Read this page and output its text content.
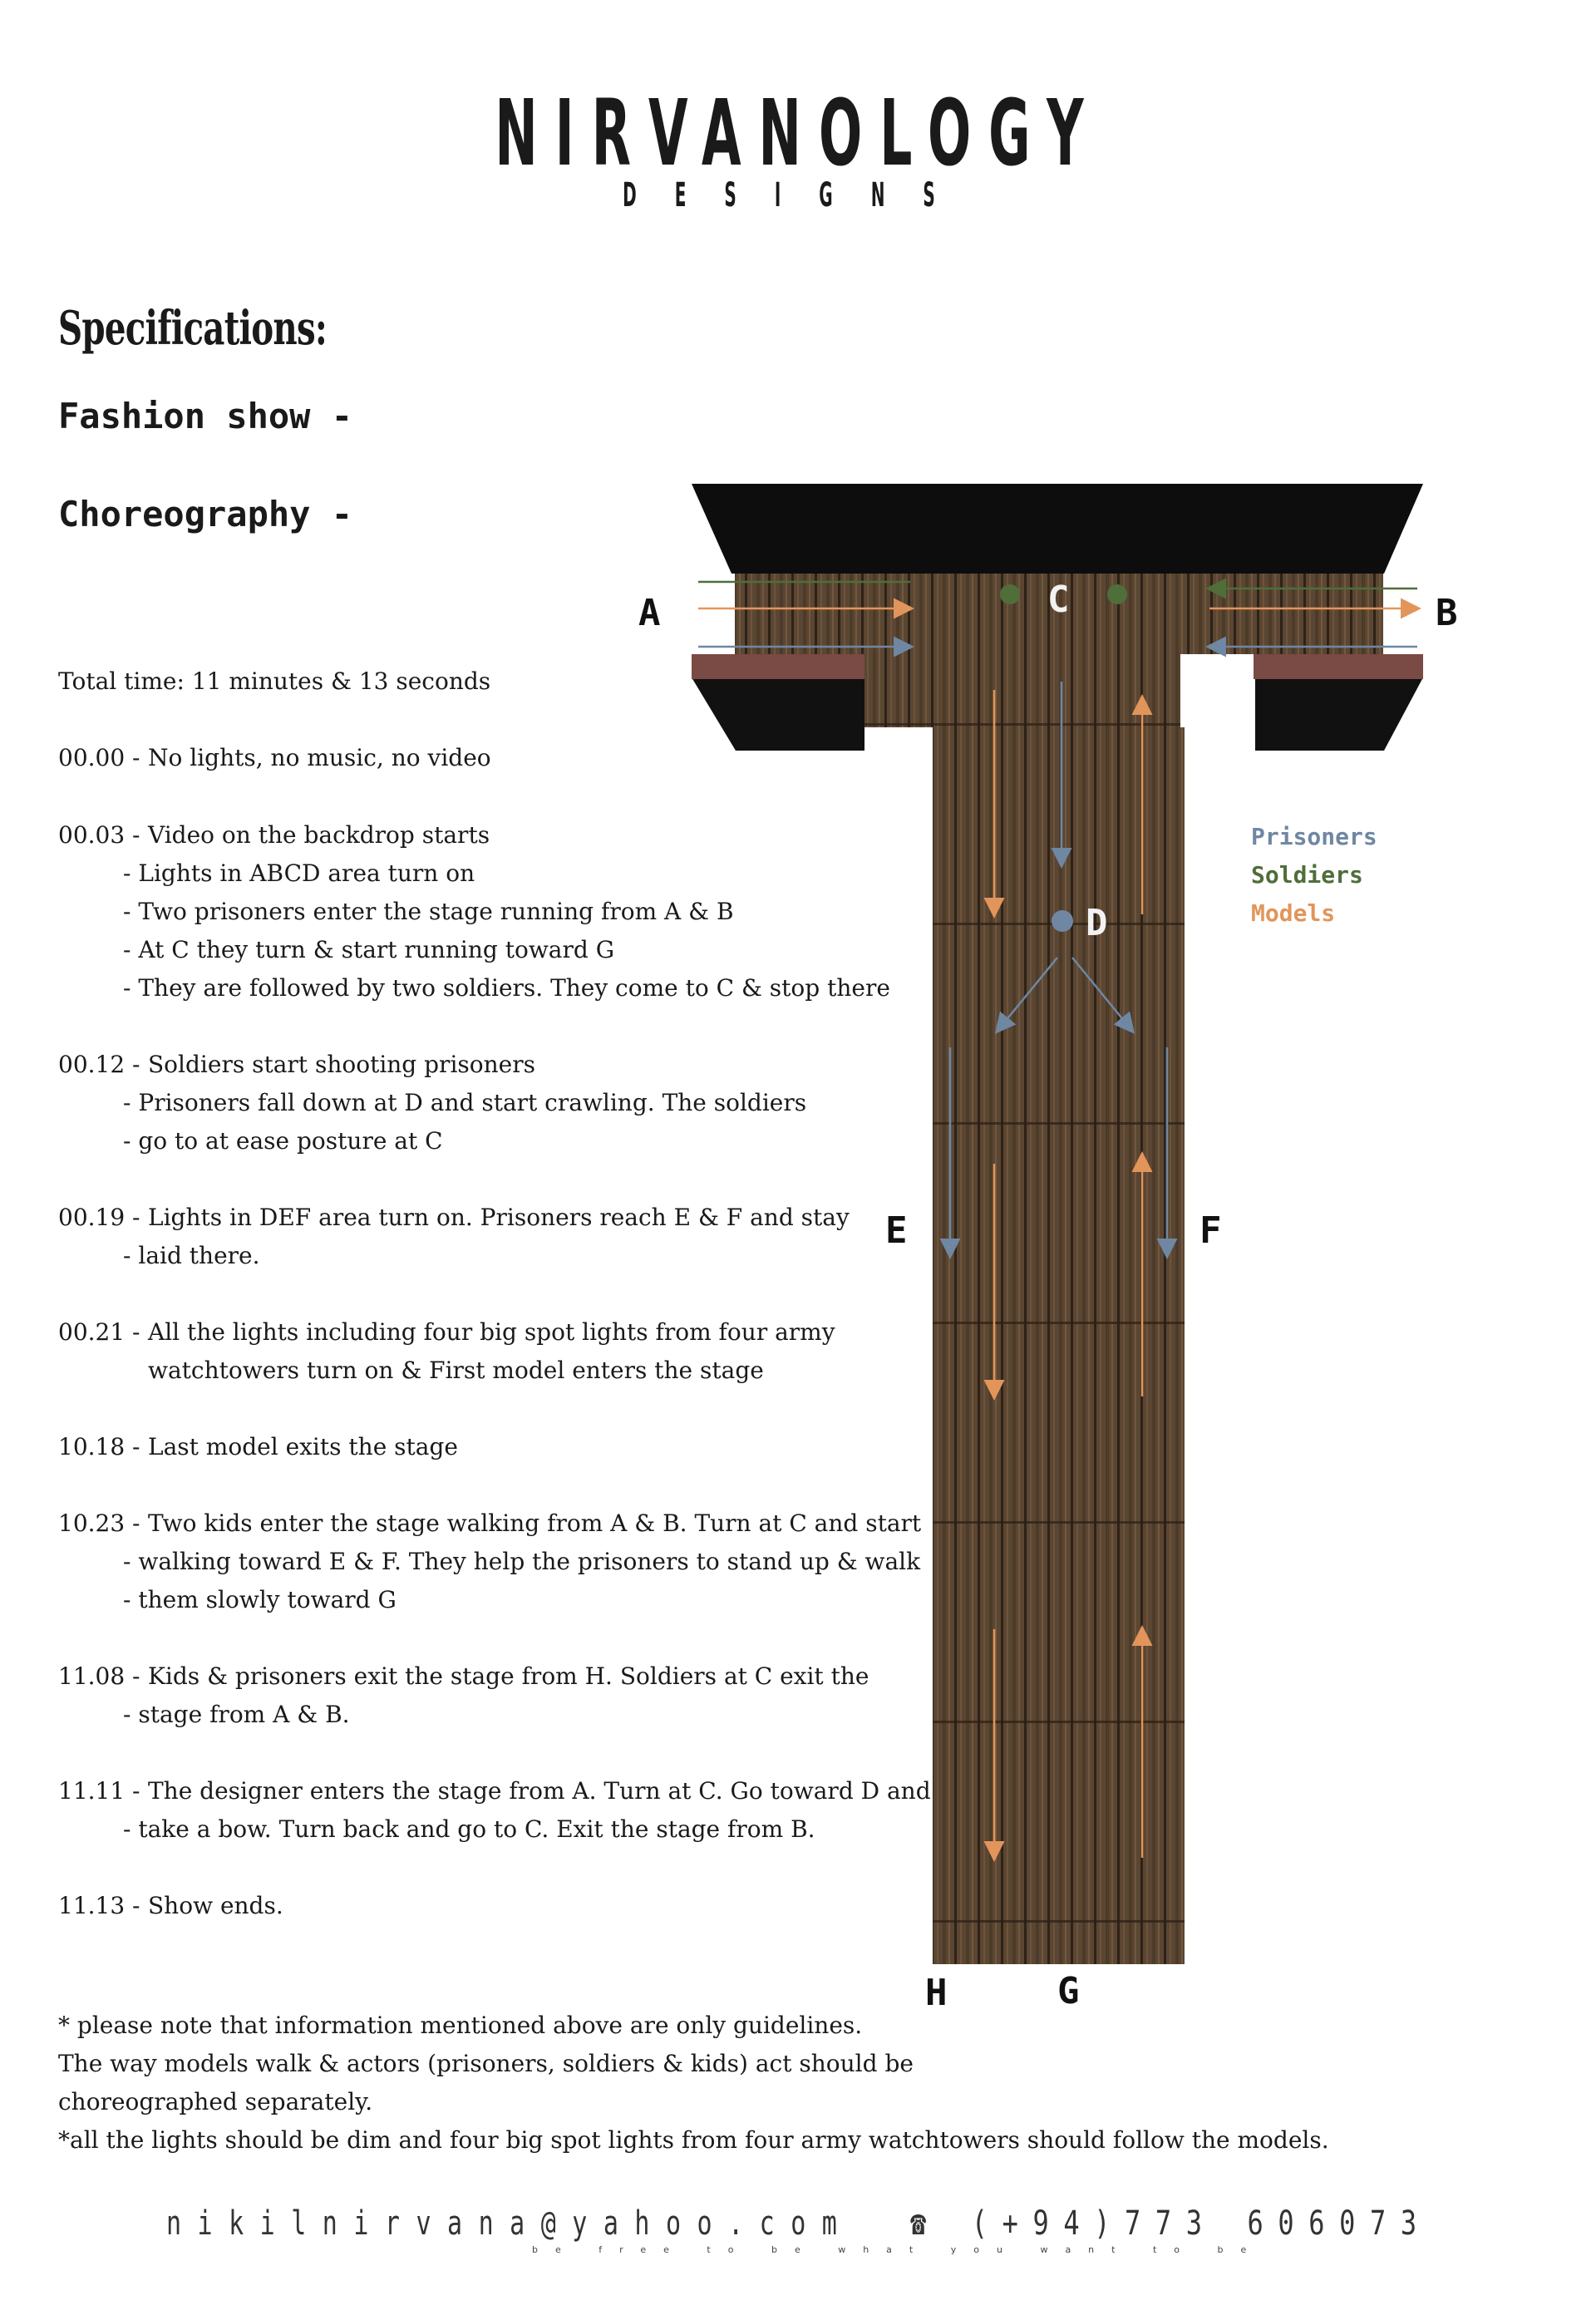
NIRVANOLOGY
DESIGNS
Specifications:
Fashion show -
Choreography -
Total time: 11 minutes & 13 seconds
00.00 - No lights, no music, no video
00.03 - Video on the backdrop starts
- Lights in ABCD area turn on
- Two prisoners enter the stage running from A & B
- At C they turn & start running toward G
- They are followed by two soldiers. They come to C & stop there
00.12 - Soldiers start shooting prisoners
- Prisoners fall down at D and start crawling. The soldiers
- go to at ease posture at C
00.19 - Lights in DEF area turn on. Prisoners reach E & F and stay
- laid there.
00.21 - All the lights including four big spot lights from four army
watchtowers turn on & First model enters the stage
10.18 - Last model exits the stage
10.23 - Two kids enter the stage walking from A & B. Turn at C and start
- walking toward E & F. They help the prisoners to stand up & walk
- them slowly toward G
11.08 - Kids & prisoners exit the stage from H. Soldiers at C exit the
- stage from A & B.
11.11 - The designer enters the stage from A. Turn at C. Go toward D and
- take a bow. Turn back and go to C. Exit the stage from B.
11.13 - Show ends.
* please note that information mentioned above are only guidelines.
The way models walk & actors (prisoners, soldiers & kids) act should be
choreographed separately.
*all the lights should be dim and four big spot lights from four army watchtowers should follow the models.
A	B
C
D
E	F
G
H
Prisoners
Soldiers
Models
nikilnirvana@yahoo.com ☎ (+94)773 606073
be free to be what you want to be
